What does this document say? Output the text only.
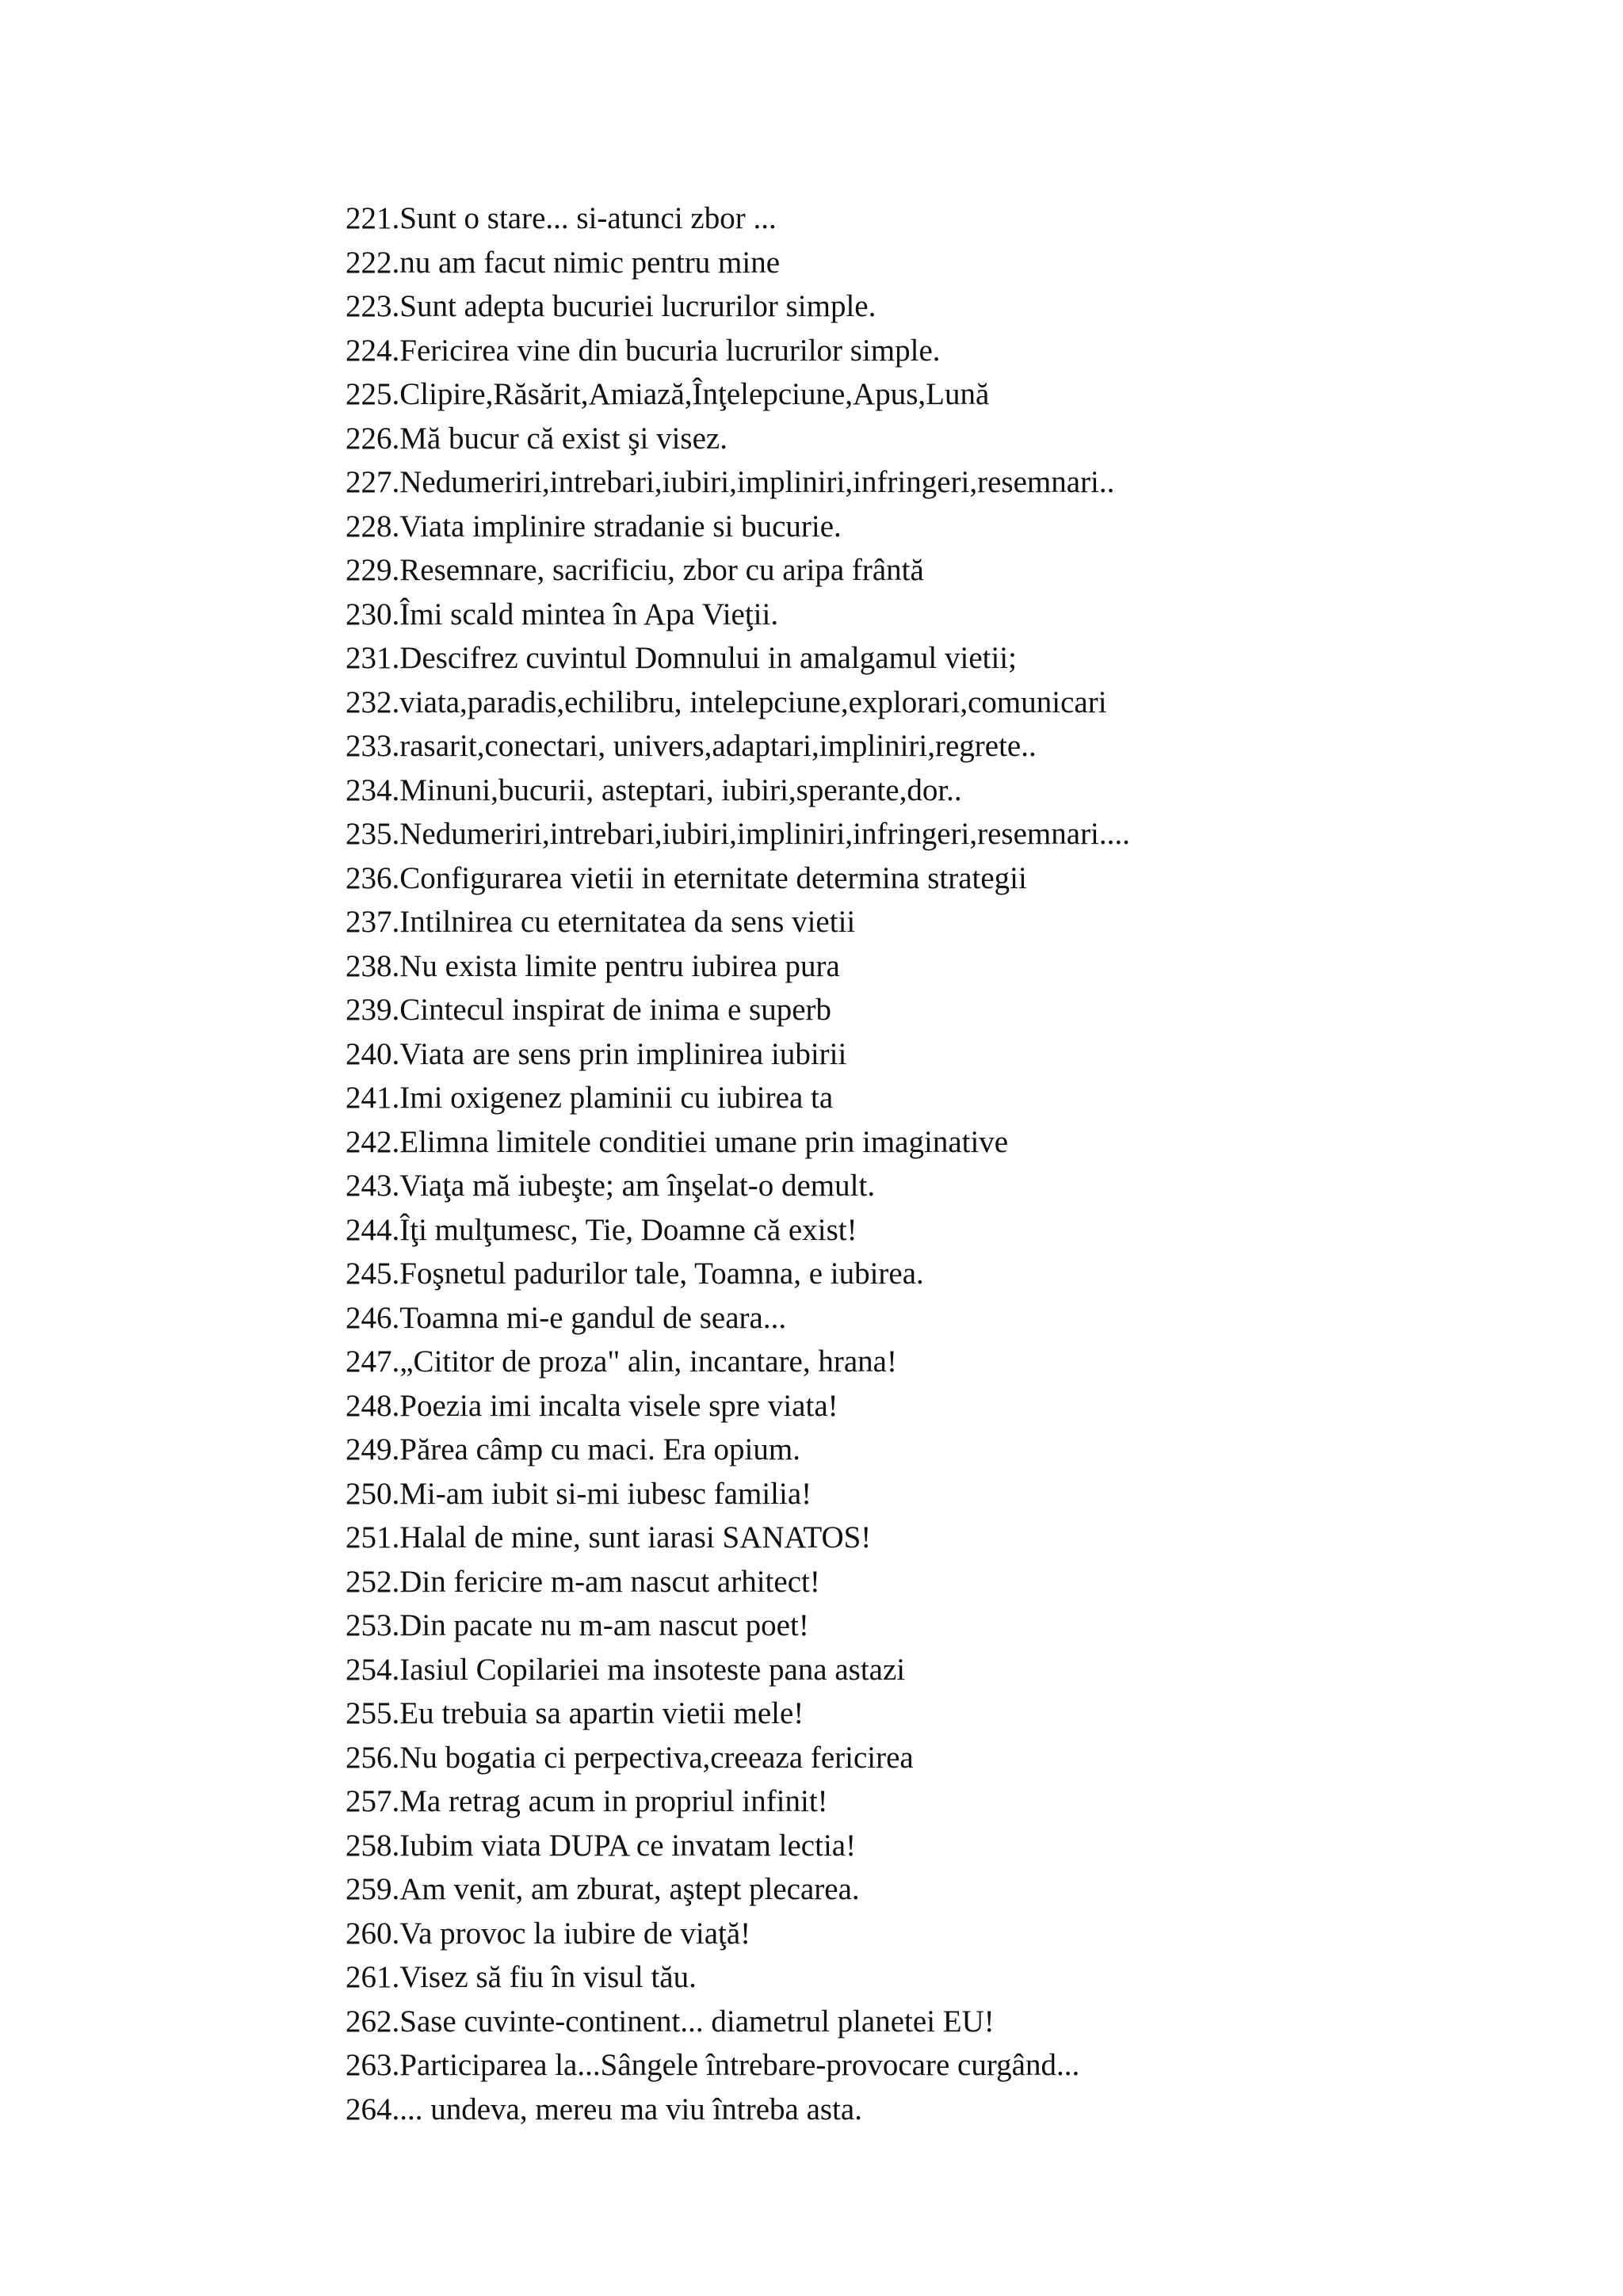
221.Sunt o stare... si-atunci zbor ...
222.nu am facut nimic pentru mine
223.Sunt adepta bucuriei lucrurilor simple.
224.Fericirea vine din bucuria lucrurilor simple.
225.Clipire,Răsărit,Amiază,Înţelepciune,Apus,Lună
226.Mă bucur că exist şi visez.
227.Nedumeriri,intrebari,iubiri,impliniri,infringeri,resemnari..
228.Viata implinire stradanie si bucurie.
229.Resemnare, sacrificiu, zbor cu aripa frântă
230.Îmi scald mintea în Apa Vieţii.
231.Descifrez cuvintul Domnului in amalgamul vietii;
232.viata,paradis,echilibru, intelepciune,explorari,comunicari
233.rasarit,conectari, univers,adaptari,impliniri,regrete..
234.Minuni,bucurii, asteptari, iubiri,sperante,dor..
235.Nedumeriri,intrebari,iubiri,impliniri,infringeri,resemnari....
236.Configurarea vietii in eternitate determina strategii
237.Intilnirea cu eternitatea da sens vietii
238.Nu exista limite pentru iubirea pura
239.Cintecul inspirat de inima e superb
240.Viata are sens prin implinirea iubirii
241.Imi oxigenez plaminii cu iubirea ta
242.Elimna limitele conditiei umane prin imaginative
243.Viaţa mă iubeşte; am înşelat-o demult.
244.Îţi mulţumesc, Tie, Doamne că exist!
245.Foşnetul padurilor tale, Toamna, e iubirea.
246.Toamna mi-e gandul de seara...
247.„Cititor de proza" alin, incantare, hrana!
248.Poezia imi incalta visele spre viata!
249.Părea câmp cu maci. Era opium.
250.Mi-am iubit si-mi iubesc familia!
251.Halal de mine, sunt iarasi SANATOS!
252.Din fericire m-am nascut arhitect!
253.Din pacate nu m-am nascut poet!
254.Iasiul Copilariei ma insoteste pana astazi
255.Eu trebuia sa apartin vietii mele!
256.Nu bogatia ci perpectiva,creeaza fericirea
257.Ma retrag acum in propriul infinit!
258.Iubim viata DUPA ce invatam lectia!
259.Am venit, am zburat, aştept plecarea.
260.Va provoc la iubire de viaţă!
261.Visez să fiu în visul tău.
262.Sase cuvinte-continent... diametrul planetei EU!
263.Participarea la...Sângele întrebare-provocare curgând...
264.... undeva, mereu ma viu întreba asta.
